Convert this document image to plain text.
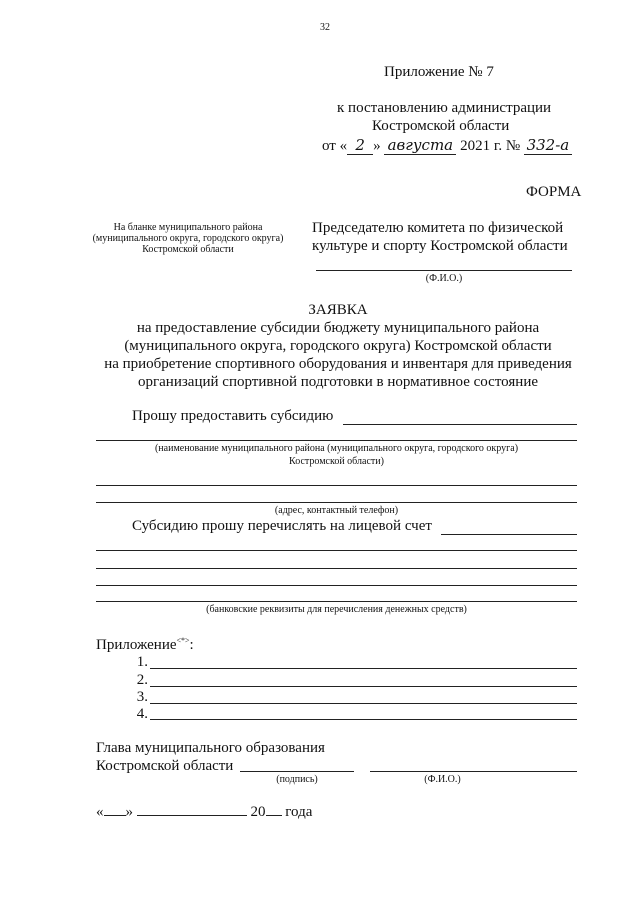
32
Приложение № 7
к постановлению администрации
Костромской области
от « 2 » августа 2021 г. № 332-а
ФОРМА
На бланке муниципального района
(муниципального округа, городского округа)
Костромской области
Председателю комитета по физической
культуре и спорту Костромской области
(Ф.И.О.)
ЗАЯВКА
на предоставление субсидии бюджету муниципального района
(муниципального округа, городского округа) Костромской области
на приобретение спортивного оборудования и инвентаря для приведения
организаций спортивной подготовки в нормативное состояние
Прошу предоставить субсидию
(наименование муниципального района (муниципального округа, городского округа)
Костромской области)
(адрес, контактный телефон)
Субсидию прошу перечислять на лицевой счет
(банковские реквизиты для перечисления денежных средств)
Приложение<*>:
1.
2.
3.
4.
Глава муниципального образования
Костромской области
(подпись)	(Ф.И.О.)
« »	20 года
